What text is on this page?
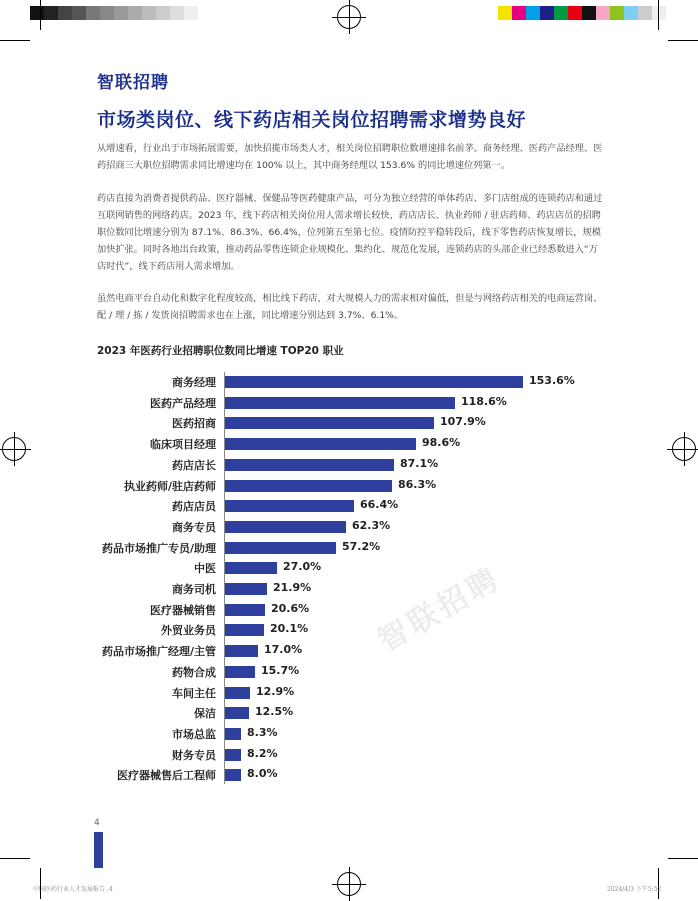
智联招聘
市场类岗位、线下药店相关岗位招聘需求增势良好
从增速看，行业出于市场拓展需要，加快招揽市场类人才，相关岗位招聘职位数增速排名前茅。商务经理、医药产品经理、医药招商三大职位招聘需求同比增速均在 100% 以上，其中商务经理以 153.6% 的同比增速位列第一。
药店直接为消费者提供药品、医疗器械、保健品等医药健康产品，可分为独立经营的单体药店、多门店组成的连锁药店和通过互联网销售的网络药店。2023 年，线下药店相关岗位用人需求增长较快，药店店长、执业药师 / 驻店药师、药店店员的招聘职位数同比增速分别为 87.1%、86.3%、66.4%，位列第五至第七位。疫情防控平稳转段后，线下零售药店恢复增长，规模加快扩张。同时各地出台政策，推动药品零售连锁企业规模化、集约化、规范化发展，连锁药店的头部企业已经悉数进入“万店时代”，线下药店用人需求增加。
虽然电商平台自动化和数字化程度较高，相比线下药店，对大规模人力的需求相对偏低，但是与网络药店相关的电商运营岗、配 / 理 / 拣 / 发货岗招聘需求也在上涨，同比增速分别达到 3.7%、6.1%。
2023 年医药行业招聘职位数同比增速 TOP20 职业
智联招聘
商务经理	153.6%
医药产品经理	118.6%
医药招商	107.9%
临床项目经理	98.6%
药店店长	87.1%
执业药师/驻店药师	86.3%
药店店员	66.4%
商务专员	62.3%
药品市场推广专员/助理	57.2%
中医	27.0%
商务司机	21.9%
医疗器械销售	20.6%
外贸业务员	20.1%
药品市场推广经理/主管	17.0%
药物合成	15.7%
车间主任	12.9%
保洁	12.5%
市场总监	8.3%
财务专员	8.2%
医疗器械售后工程师	8.0%
4
中国医药行业人才发展报告 .4	2024/4/3 下午5:52
